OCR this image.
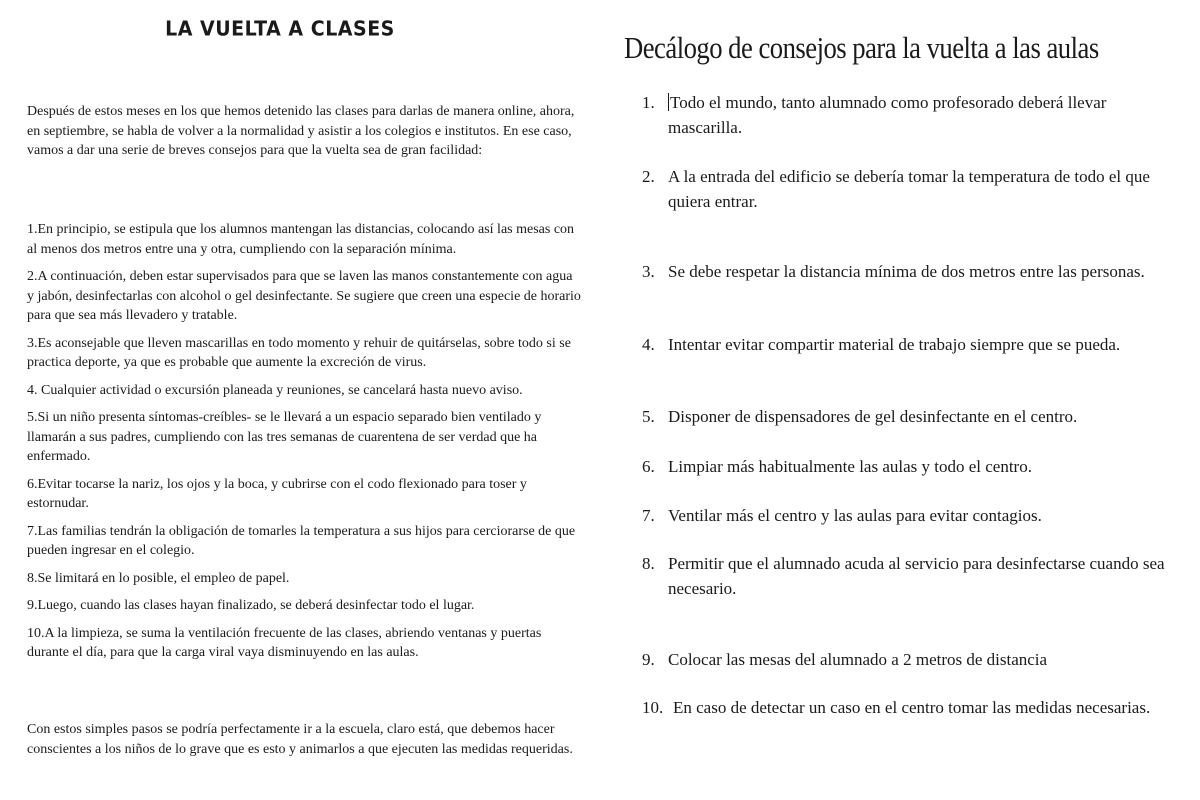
LA VUELTA A CLASES

Después de estos meses en los que hemos detenido las clases para darlas de manera online, ahora, en septiembre, se habla de volver a la normalidad y asistir a los colegios e institutos. En ese caso, vamos a dar una serie de breves consejos para que la vuelta sea de gran facilidad:

1.En principio, se estipula que los alumnos mantengan las distancias, colocando así las mesas con al menos dos metros entre una y otra, cumpliendo con la separación mínima.
2.A continuación, deben estar supervisados para que se laven las manos constantemente con agua y jabón, desinfectarlas con alcohol o gel desinfectante. Se sugiere que creen una especie de horario para que sea más llevadero y tratable.
3.Es aconsejable que lleven mascarillas en todo momento y rehuir de quitárselas, sobre todo si se practica deporte, ya que es probable que aumente la excreción de virus.
4. Cualquier actividad o excursión planeada y reuniones, se cancelará hasta nuevo aviso.
5.Si un niño presenta síntomas-creíbles- se le llevará a un espacio separado bien ventilado y llamarán a sus padres, cumpliendo con las tres semanas de cuarentena de ser verdad que ha enfermado.
6.Evitar tocarse la nariz, los ojos y la boca, y cubrirse con el codo flexionado para toser y estornudar.
7.Las familias tendrán la obligación de tomarles la temperatura a sus hijos para cerciorarse de que pueden ingresar en el colegio.
8.Se limitará en lo posible, el empleo de papel.
9.Luego, cuando las clases hayan finalizado, se deberá desinfectar todo el lugar.
10.A la limpieza, se suma la ventilación frecuente de las clases, abriendo ventanas y puertas durante el día, para que la carga viral vaya disminuyendo en las aulas.

Con estos simples pasos se podría perfectamente ir a la escuela, claro está, que debemos hacer conscientes a los niños de lo grave que es esto y animarlos a que ejecuten las medidas requeridas.

Decálogo de consejos para la vuelta a las aulas
1. Todo el mundo, tanto alumnado como profesorado deberá llevar mascarilla.
2. A la entrada del edificio se debería tomar la temperatura de todo el que quiera entrar.
3. Se debe respetar la distancia mínima de dos metros entre las personas.
4. Intentar evitar compartir material de trabajo siempre que se pueda.
5. Disponer de dispensadores de gel desinfectante en el centro.
6. Limpiar más habitualmente las aulas y todo el centro.
7. Ventilar más el centro y las aulas para evitar contagios.
8. Permitir que el alumnado acuda al servicio para desinfectarse cuando sea necesario.
9. Colocar las mesas del alumnado a 2 metros de distancia
10. En caso de detectar un caso en el centro tomar las medidas necesarias.
